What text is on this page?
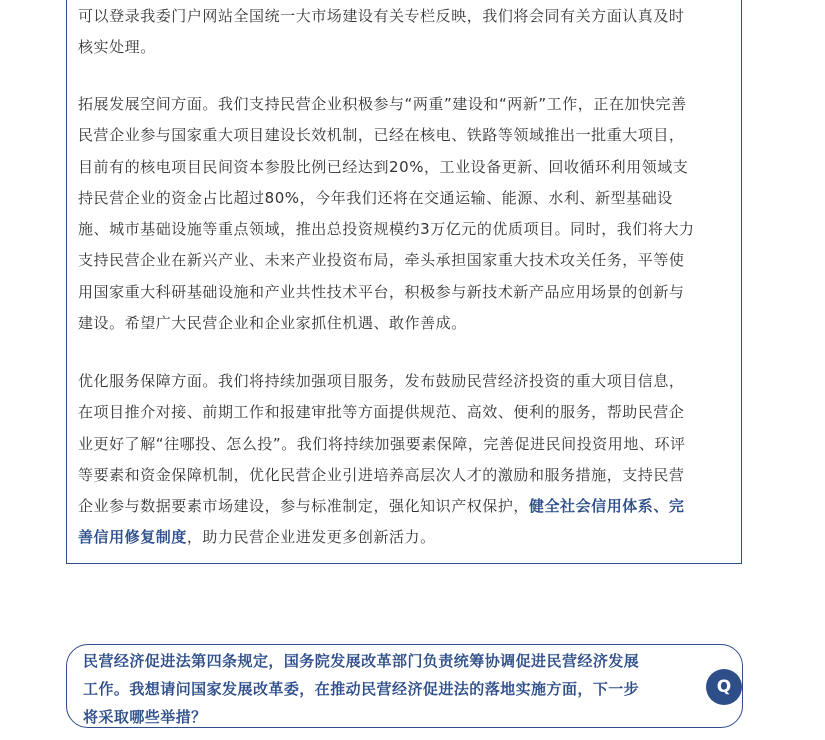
可以登录我委门户网站全国统一大市场建设有关专栏反映，我们将会同有关方面认真及时
核实处理。

拓展发展空间方面。我们支持民营企业积极参与“两重”建设和“两新”工作，正在加快完善
民营企业参与国家重大项目建设长效机制，已经在核电、铁路等领域推出一批重大项目，
目前有的核电项目民间资本参股比例已经达到20%，工业设备更新、回收循环利用领域支
持民营企业的资金占比超过80%，今年我们还将在交通运输、能源、水利、新型基础设
施、城市基础设施等重点领域，推出总投资规模约3万亿元的优质项目。同时，我们将大力
支持民营企业在新兴产业、未来产业投资布局，牵头承担国家重大技术攻关任务，平等使
用国家重大科研基础设施和产业共性技术平台，积极参与新技术新产品应用场景的创新与
建设。希望广大民营企业和企业家抓住机遇、敢作善成。

优化服务保障方面。我们将持续加强项目服务，发布鼓励民营经济投资的重大项目信息，
在项目推介对接、前期工作和报建审批等方面提供规范、高效、便利的服务，帮助民营企
业更好了解“往哪投、怎么投”。我们将持续加强要素保障，完善促进民间投资用地、环评
等要素和资金保障机制，优化民营企业引进培养高层次人才的激励和服务措施，支持民营
企业参与数据要素市场建设，参与标准制定，强化知识产权保护，健全社会信用体系、完
善信用修复制度，助力民营企业进发更多创新活力。

民营经济促进法第四条规定，国务院发展改革部门负责统筹协调促进民营经济发展
工作。我想请问国家发展改革委，在推动民营经济促进法的落地实施方面，下一步
将采取哪些举措？

Q
